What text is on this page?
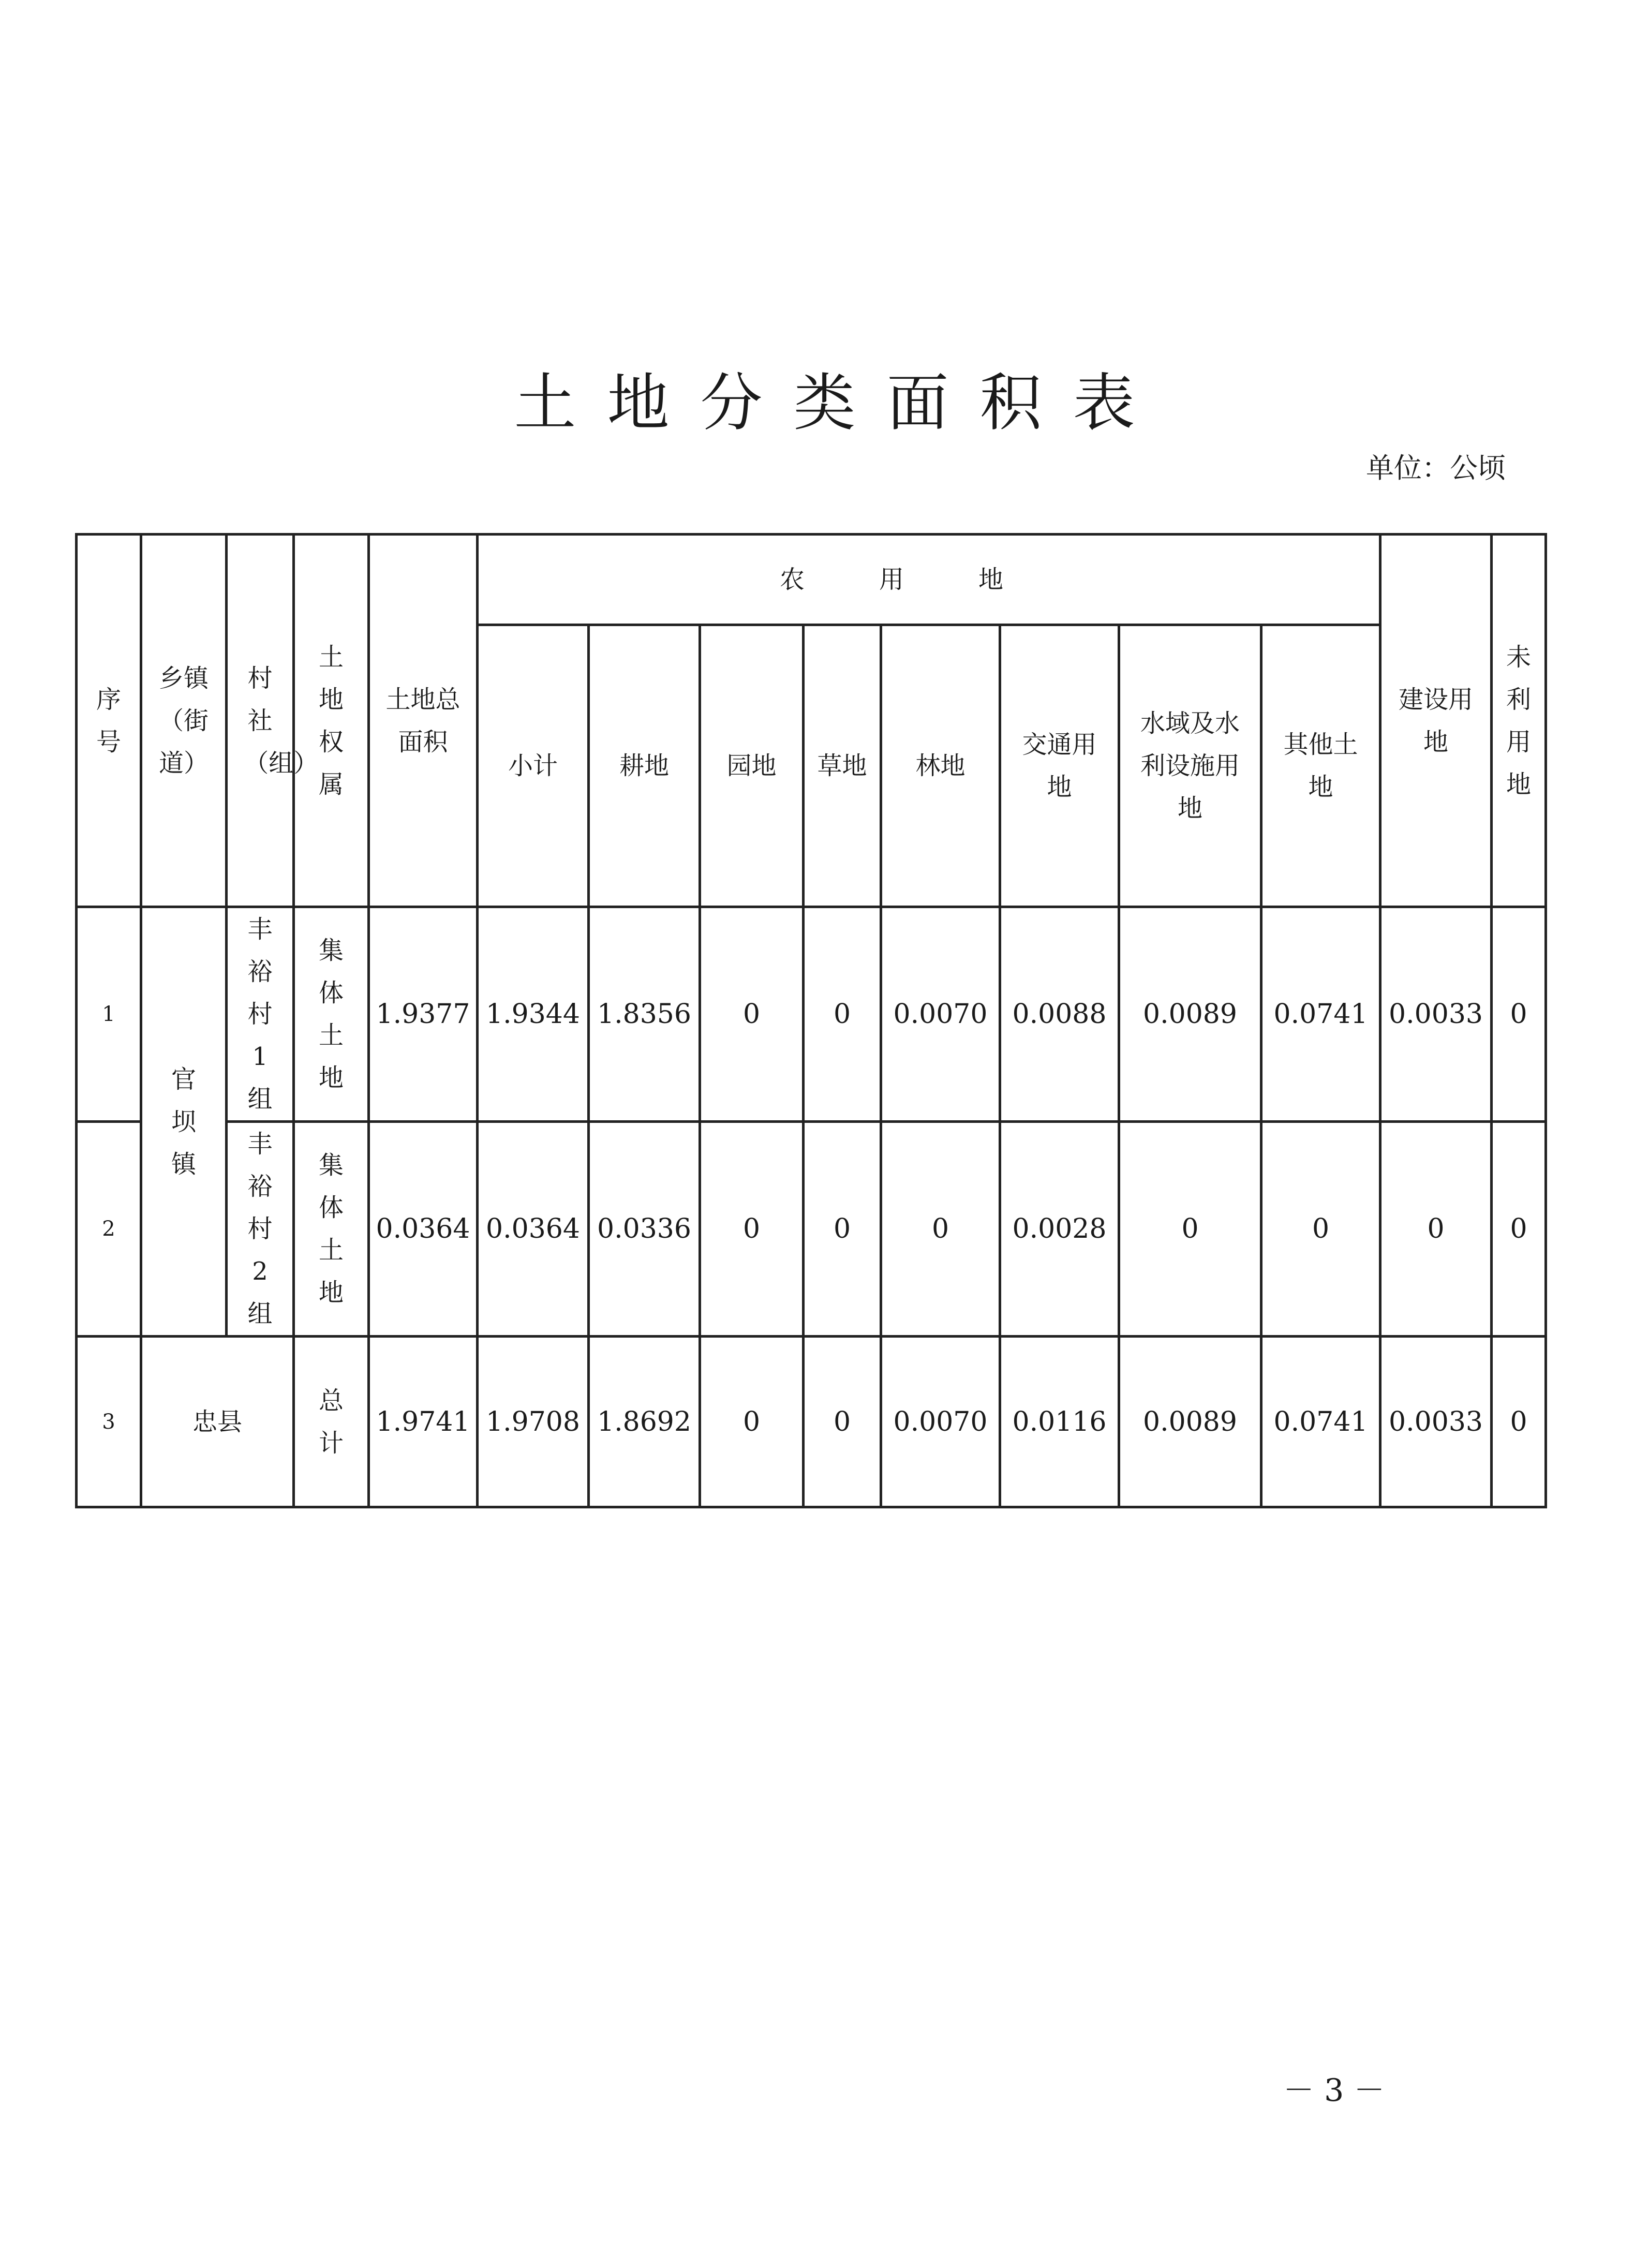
土地分类面积表
单位：公顷
序号	乡镇（街道）	村社（组）	土地权属	土地总面积	农用地								建设用地	未利用地
					小计	耕地	园地	草地	林地	交通用地	水域及水利设施用地	其他土地		
1	官坝镇	丰裕村1组	集体土地	1.9377	1.9344	1.8356	0	0	0.0070	0.0088	0.0089	0.0741	0.0033	0
2		丰裕村2组	集体土地	0.0364	0.0364	0.0336	0	0	0	0.0028	0	0	0	0
3	忠县		总计	1.9741	1.9708	1.8692	0	0	0.0070	0.0116	0.0089	0.0741	0.0033	0
－ 3 －
